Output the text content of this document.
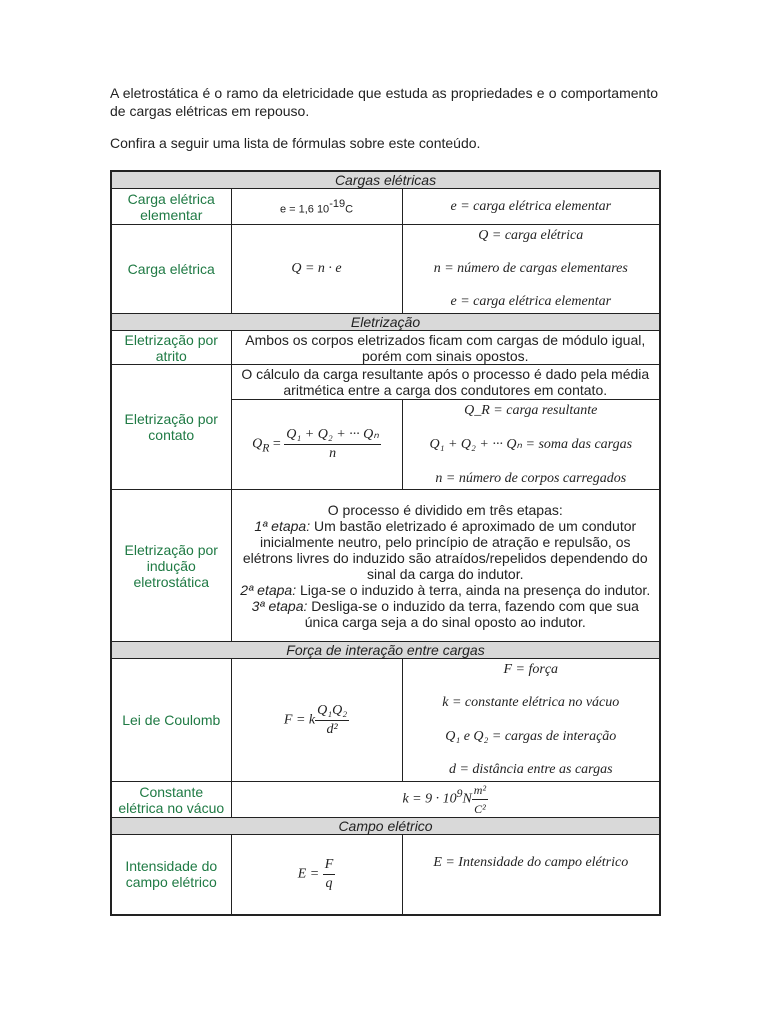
A eletrostática é o ramo da eletricidade que estuda as propriedades e o comportamento de cargas elétricas em repouso.

Confira a seguir uma lista de fórmulas sobre este conteúdo.

Cargas elétricas		
Carga elétrica elementar	e = 1,6 $10^{-19}C$	e = carga elétrica elementar
Carga elétrica	Q = n · e	Q = carga elétrica
n = número de cargas elementares
e = carga elétrica elementar

Eletrização		
Eletrização por atrito	Ambos os corpos eletrizados ficam com cargas de módulo igual, porém com sinais opostos.	
Eletrização por contato	O cálculo da carga resultante após o processo é dado pela média aritmética entre a carga dos condutores em contato.	
	$Q_R = \frac{\text{Q₁ + Q₂ + ··· Qₙ}}{n}$	Q_R = carga resultante
Q₁ + Q₂ + ··· Qₙ = soma das cargas
n = número de corpos carregados

Eletrização por indução eletrostática	O processo é dividido em três etapas:
1ª etapa: Um bastão eletrizado é aproximado de um condutor inicialmente neutro, pelo princípio de atração e repulsão, os elétrons livres do induzido são atraídos/repelidos dependendo do sinal da carga do indutor.
2ª etapa: Liga-se o induzido à terra, ainda na presença do indutor.
3ª etapa: Desliga-se o induzido da terra, fazendo com que sua única carga seja a do sinal oposto ao indutor.	

Força de interação entre cargas		
Lei de Coulomb	F = k $\frac{\text{Q₁Q₂}}{\text{d²}}$	F = força
k = constante elétrica no vácuo
Q₁ e Q₂ = cargas de interação
d = distância entre as cargas

Constante elétrica no vácuo	$k = 9 \cdot 10^9N \frac{\text{m²}}{\text{C²}}$

Campo elétrico		
Intensidade do campo elétrico	$E = \frac{F}{q}$	E = Intensidade do campo elétrico
